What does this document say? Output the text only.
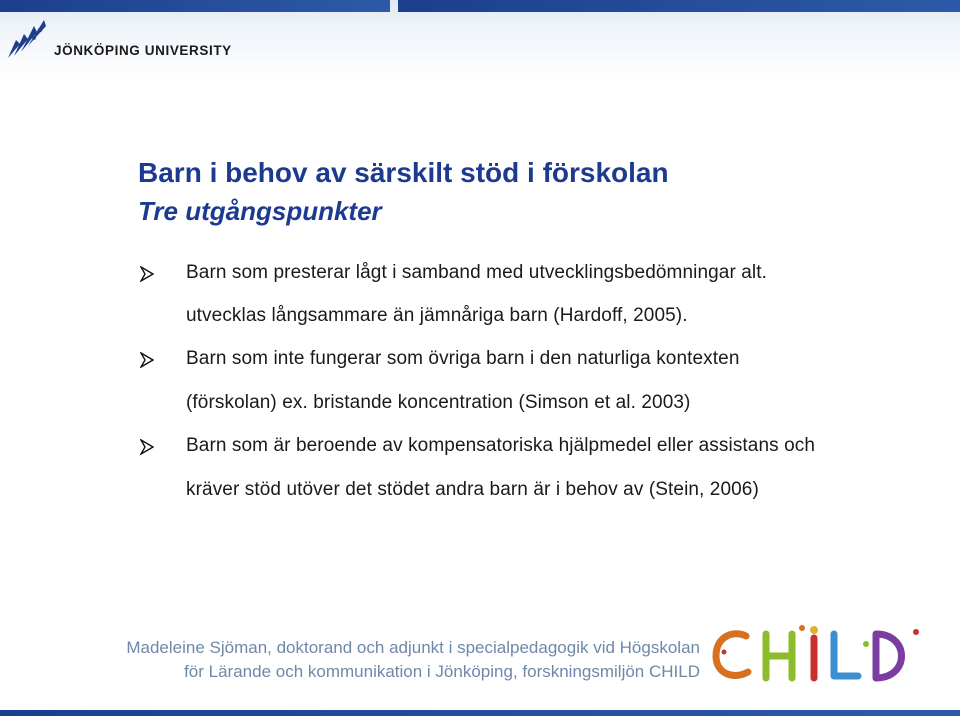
JÖNKÖPING UNIVERSITY
Barn i behov av särskilt stöd i förskolan
Tre utgångspunkter
Barn som presterar lågt i samband med utvecklingsbedömningar alt.
utvecklas långsammare än jämnåriga barn (Hardoff, 2005).
Barn som inte fungerar som övriga barn i den naturliga kontexten
(förskolan) ex. bristande koncentration (Simson et al. 2003)
Barn som är beroende av kompensatoriska hjälpmedel eller assistans och
kräver stöd utöver det stödet andra barn är i behov av (Stein, 2006)
Madeleine Sjöman, doktorand och adjunkt i specialpedagogik vid Högskolan
för Lärande och kommunikation i Jönköping, forskningsmiljön CHILD
